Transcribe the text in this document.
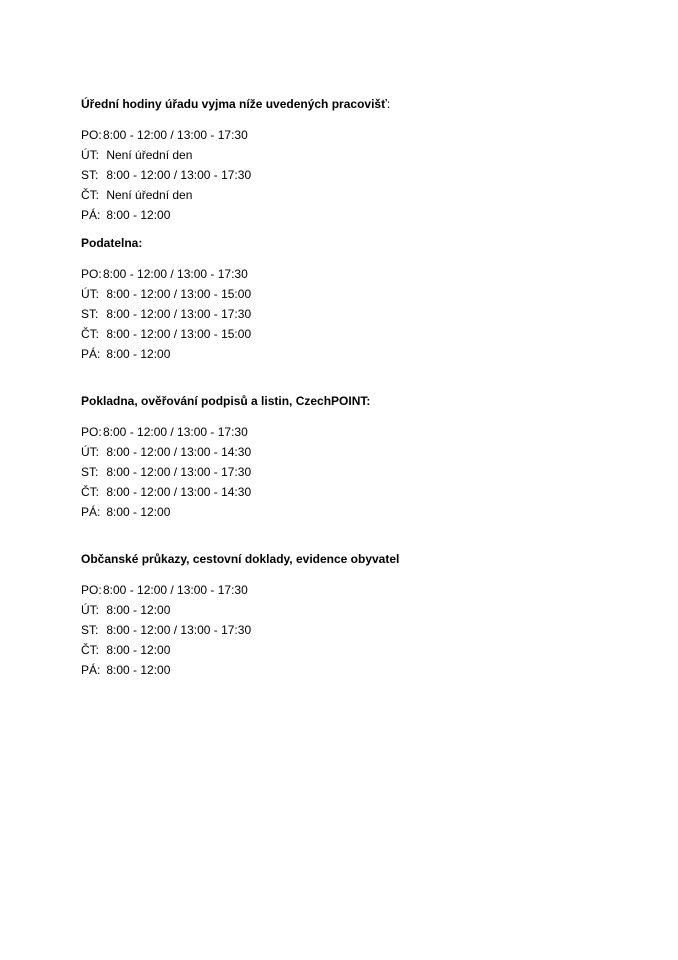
Úřední hodiny úřadu vyjma níže uvedených pracovišť:
PO:8:00 - 12:00 / 13:00 - 17:30
ÚT: Není úřední den
ST: 8:00 - 12:00 / 13:00 - 17:30
ČT: Není úřední den
PÁ: 8:00 - 12:00
Podatelna:
PO:8:00 - 12:00 / 13:00 - 17:30
ÚT: 8:00 - 12:00 / 13:00 - 15:00
ST: 8:00 - 12:00 / 13:00 - 17:30
ČT: 8:00 - 12:00 / 13:00 - 15:00
PÁ: 8:00 - 12:00
Pokladna, ověřování podpisů a listin, CzechPOINT:
PO:8:00 - 12:00 / 13:00 - 17:30
ÚT: 8:00 - 12:00 / 13:00 - 14:30
ST: 8:00 - 12:00 / 13:00 - 17:30
ČT: 8:00 - 12:00 / 13:00 - 14:30
PÁ: 8:00 - 12:00
Občanské průkazy, cestovní doklady, evidence obyvatel
PO:8:00 - 12:00 / 13:00 - 17:30
ÚT: 8:00 - 12:00
ST: 8:00 - 12:00 / 13:00 - 17:30
ČT: 8:00 - 12:00
PÁ: 8:00 - 12:00
